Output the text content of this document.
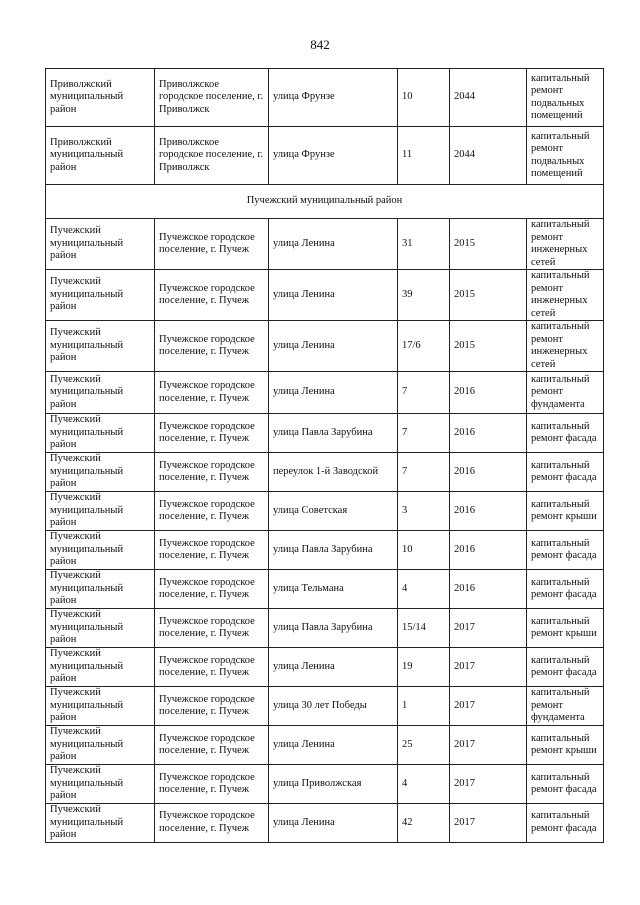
842
Приволжский муниципальный район	Приволжское городское поселение, г. Приволжск	улица Фрунзе	10	2044	капитальный ремонт подвальных помещений
Приволжский муниципальный район	Приволжское городское поселение, г. Приволжск	улица Фрунзе	11	2044	капитальный ремонт подвальных помещений
Пучежский муниципальный район					
Пучежский муниципальный район	Пучежское городское поселение, г. Пучеж	улица Ленина	31	2015	капитальный ремонт инженерных сетей
Пучежский муниципальный район	Пучежское городское поселение, г. Пучеж	улица Ленина	39	2015	капитальный ремонт инженерных сетей
Пучежский муниципальный район	Пучежское городское поселение, г. Пучеж	улица Ленина	17/6	2015	капитальный ремонт инженерных сетей
Пучежский муниципальный район	Пучежское городское поселение, г. Пучеж	улица Ленина	7	2016	капитальный ремонт фундамента
Пучежский муниципальный район	Пучежское городское поселение, г. Пучеж	улица Павла Зарубина	7	2016	капитальный ремонт фасада
Пучежский муниципальный район	Пучежское городское поселение, г. Пучеж	переулок 1-й Заводской	7	2016	капитальный ремонт фасада
Пучежский муниципальный район	Пучежское городское поселение, г. Пучеж	улица Советская	3	2016	капитальный ремонт крыши
Пучежский муниципальный район	Пучежское городское поселение, г. Пучеж	улица Павла Зарубина	10	2016	капитальный ремонт фасада
Пучежский муниципальный район	Пучежское городское поселение, г. Пучеж	улица Тельмана	4	2016	капитальный ремонт фасада
Пучежский муниципальный район	Пучежское городское поселение, г. Пучеж	улица Павла Зарубина	15/14	2017	капитальный ремонт крыши
Пучежский муниципальный район	Пучежское городское поселение, г. Пучеж	улица Ленина	19	2017	капитальный ремонт фасада
Пучежский муниципальный район	Пучежское городское поселение, г. Пучеж	улица 30 лет Победы	1	2017	капитальный ремонт фундамента
Пучежский муниципальный район	Пучежское городское поселение, г. Пучеж	улица Ленина	25	2017	капитальный ремонт крыши
Пучежский муниципальный район	Пучежское городское поселение, г. Пучеж	улица Приволжская	4	2017	капитальный ремонт фасада
Пучежский муниципальный район	Пучежское городское поселение, г. Пучеж	улица Ленина	42	2017	капитальный ремонт фасада
